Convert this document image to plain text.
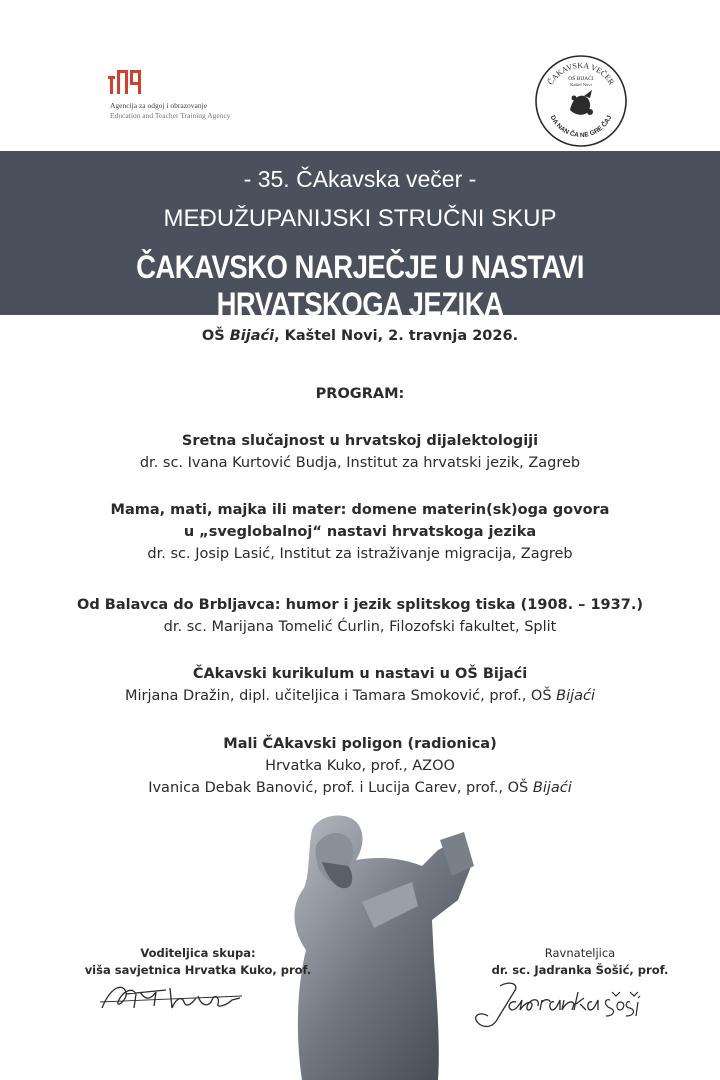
Agencija za odgoj i obrazovanje
Education and Teacher Training Agency
ČAKAVSKA VEČER
OŠ BIJAĆI
Kaštel Novi
DA NAN ČA NE GRE ČAJ
- 35. ČAkavska večer -
MEĐUŽUPANIJSKI STRUČNI SKUP
ČAKAVSKO NARJEČJE U NASTAVI HRVATSKOGA JEZIKA
OŠ Bijaći, Kaštel Novi, 2. travnja 2026.
PROGRAM:
Sretna slučajnost u hrvatskoj dijalektologiji
dr. sc. Ivana Kurtović Budja, Institut za hrvatski jezik, Zagreb
Mama, mati, majka ili mater: domene materin(sk)oga govora
u „sveglobalnoj“ nastavi hrvatskoga jezika
dr. sc. Josip Lasić, Institut za istraživanje migracija, Zagreb
Od Balavca do Brbljavca: humor i jezik splitskog tiska (1908. – 1937.)
dr. sc. Marijana Tomelić Ćurlin, Filozofski fakultet, Split
ČAkavski kurikulum u nastavi u OŠ Bijaći
Mirjana Dražin, dipl. učiteljica i Tamara Smoković, prof., OŠ Bijaći
Mali ČAkavski poligon (radionica)
Hrvatka Kuko, prof., AZOO
Ivanica Debak Banović, prof. i Lucija Carev, prof., OŠ Bijaći
Voditeljica skupa:
viša savjetnica Hrvatka Kuko, prof.
Ravnateljica
dr. sc. Jadranka Šošić, prof.
